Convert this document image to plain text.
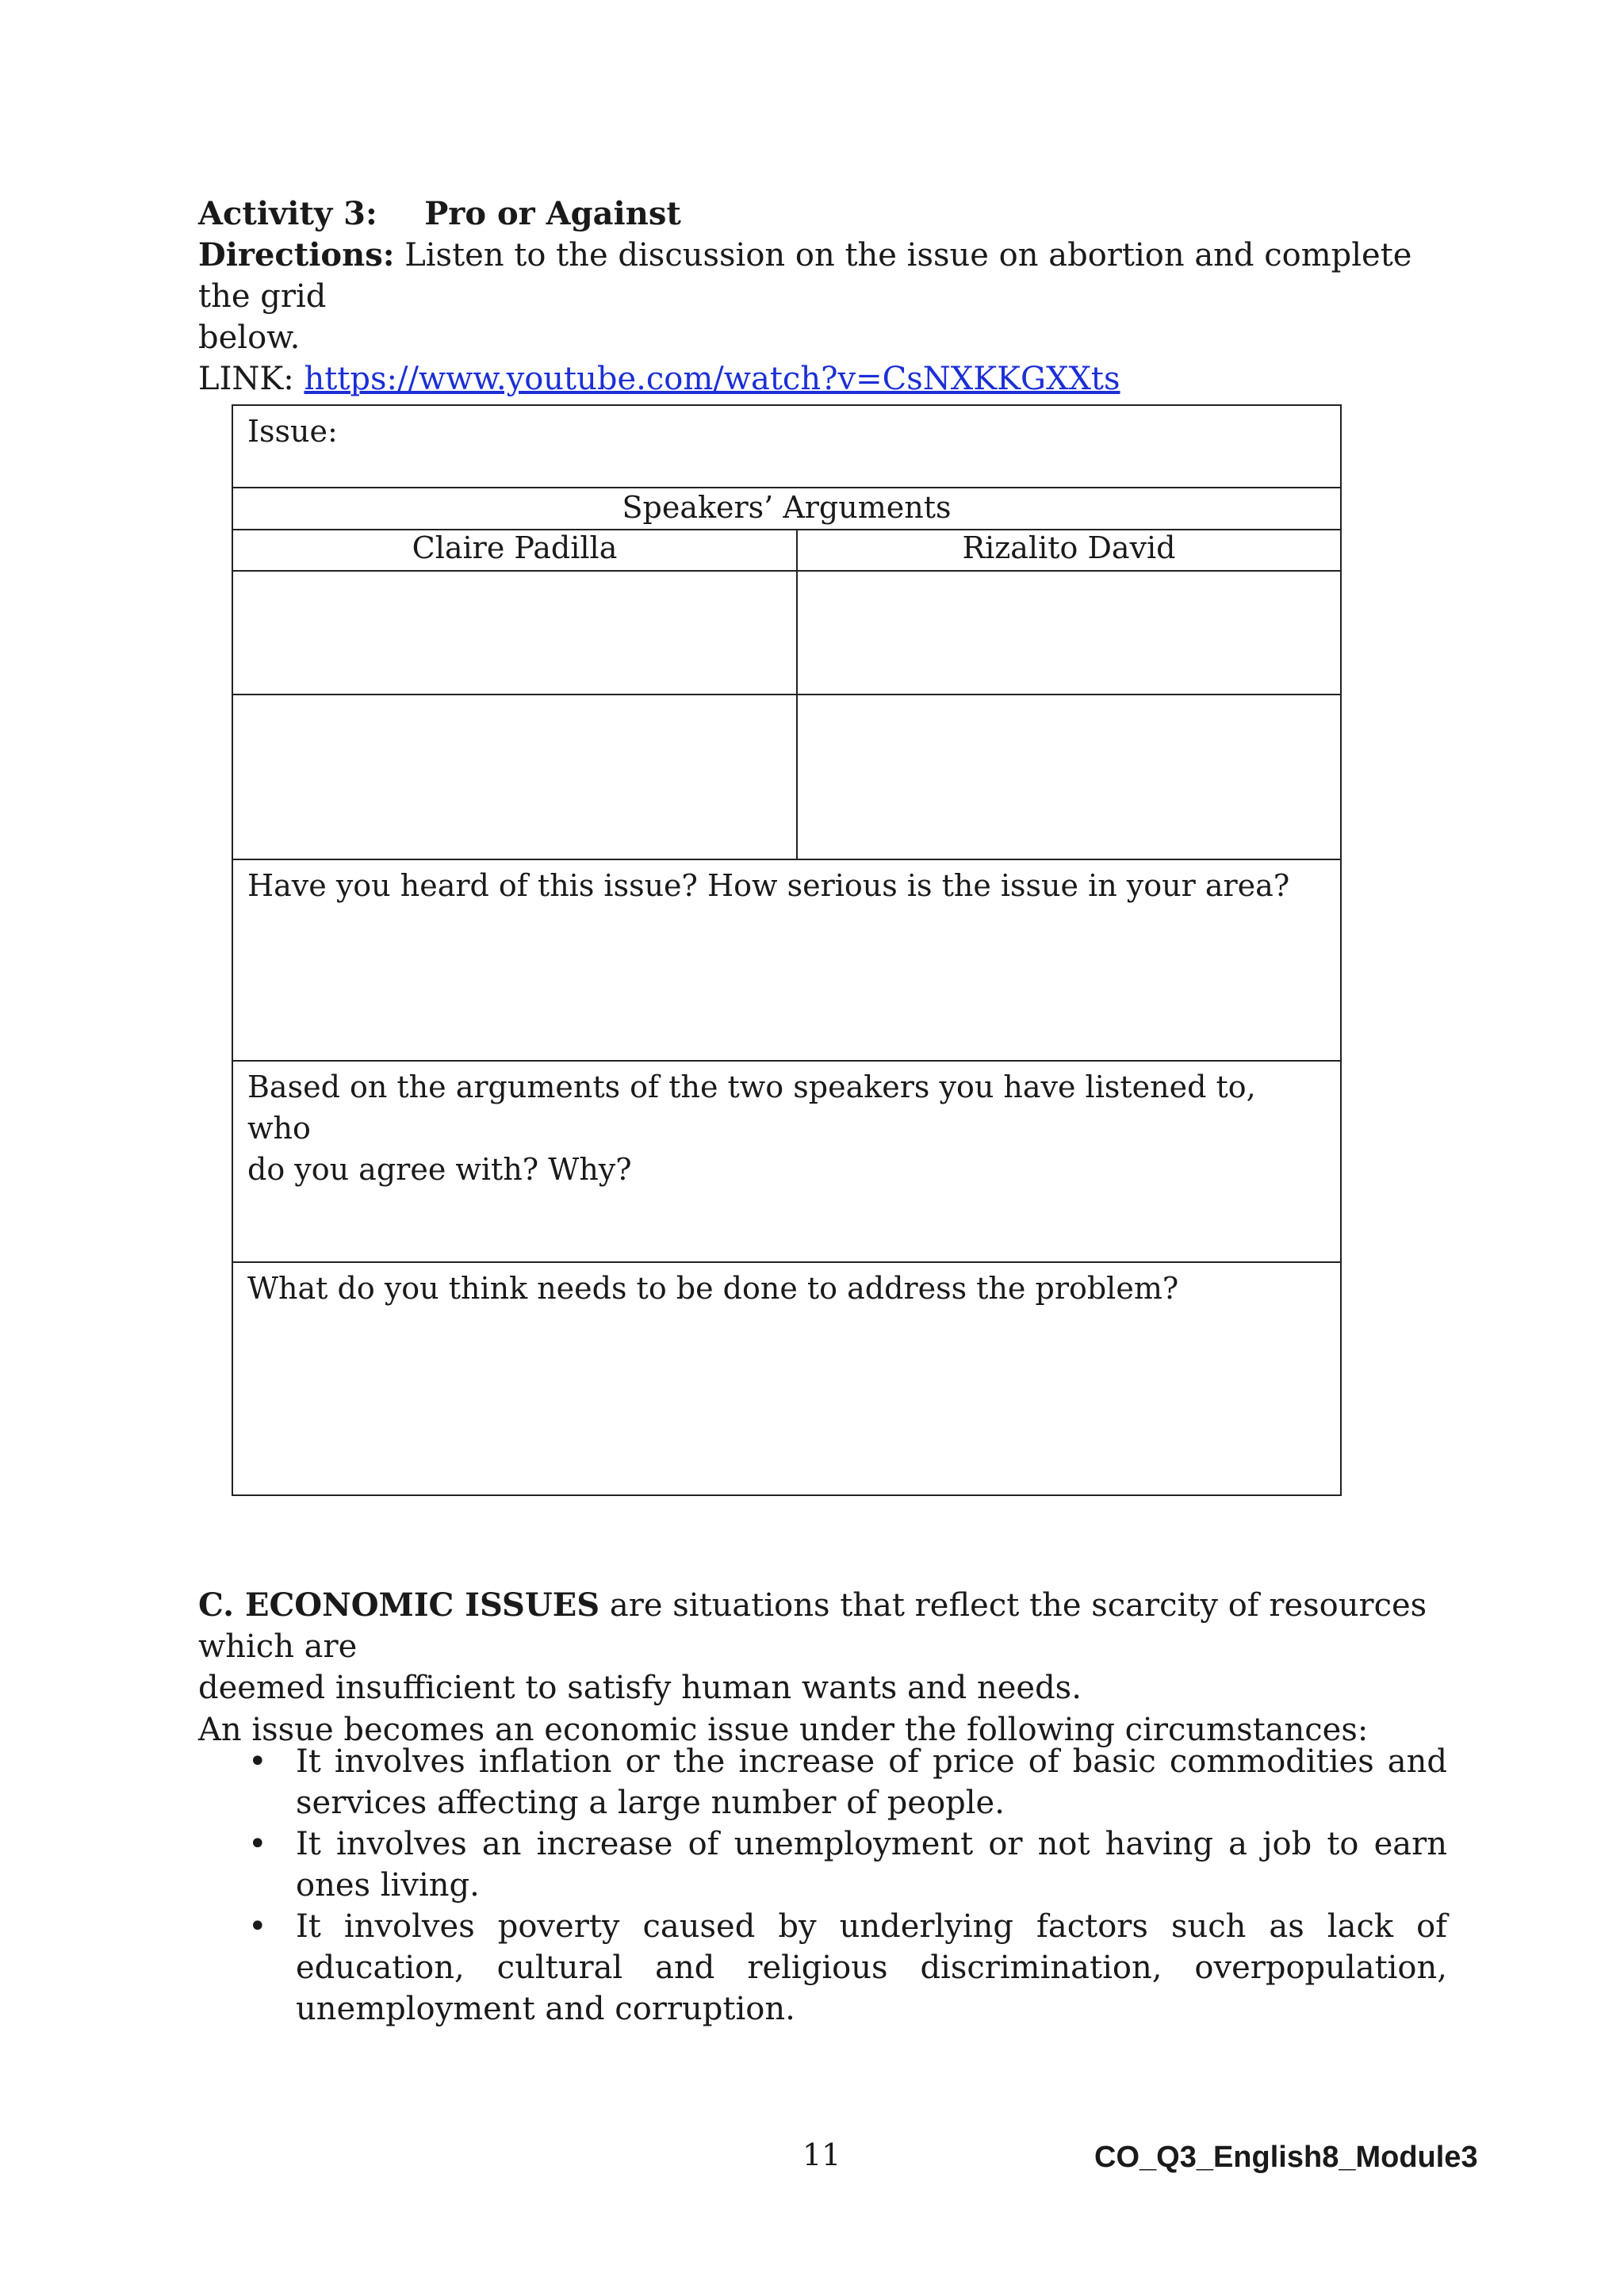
Activity 3: Pro or Against
Directions: Listen to the discussion on the issue on abortion and complete the grid
below.
LINK: https://www.youtube.com/watch?v=CsNXKKGXXts
Issue:
Speakers’ Arguments
Claire Padilla	Rizalito David
Have you heard of this issue? How serious is the issue in your area?
Based on the arguments of the two speakers you have listened to, who
do you agree with? Why?
What do you think needs to be done to address the problem?
C. ECONOMIC ISSUES are situations that reflect the scarcity of resources which are
deemed insufficient to satisfy human wants and needs.
An issue becomes an economic issue under the following circumstances:
• It involves inflation or the increase of price of basic commodities and services affecting a large number of people.
• It involves an increase of unemployment or not having a job to earn ones living.
• It involves poverty caused by underlying factors such as lack of education, cultural and religious discrimination, overpopulation, unemployment and corruption.
11	CO_Q3_English8_Module3
